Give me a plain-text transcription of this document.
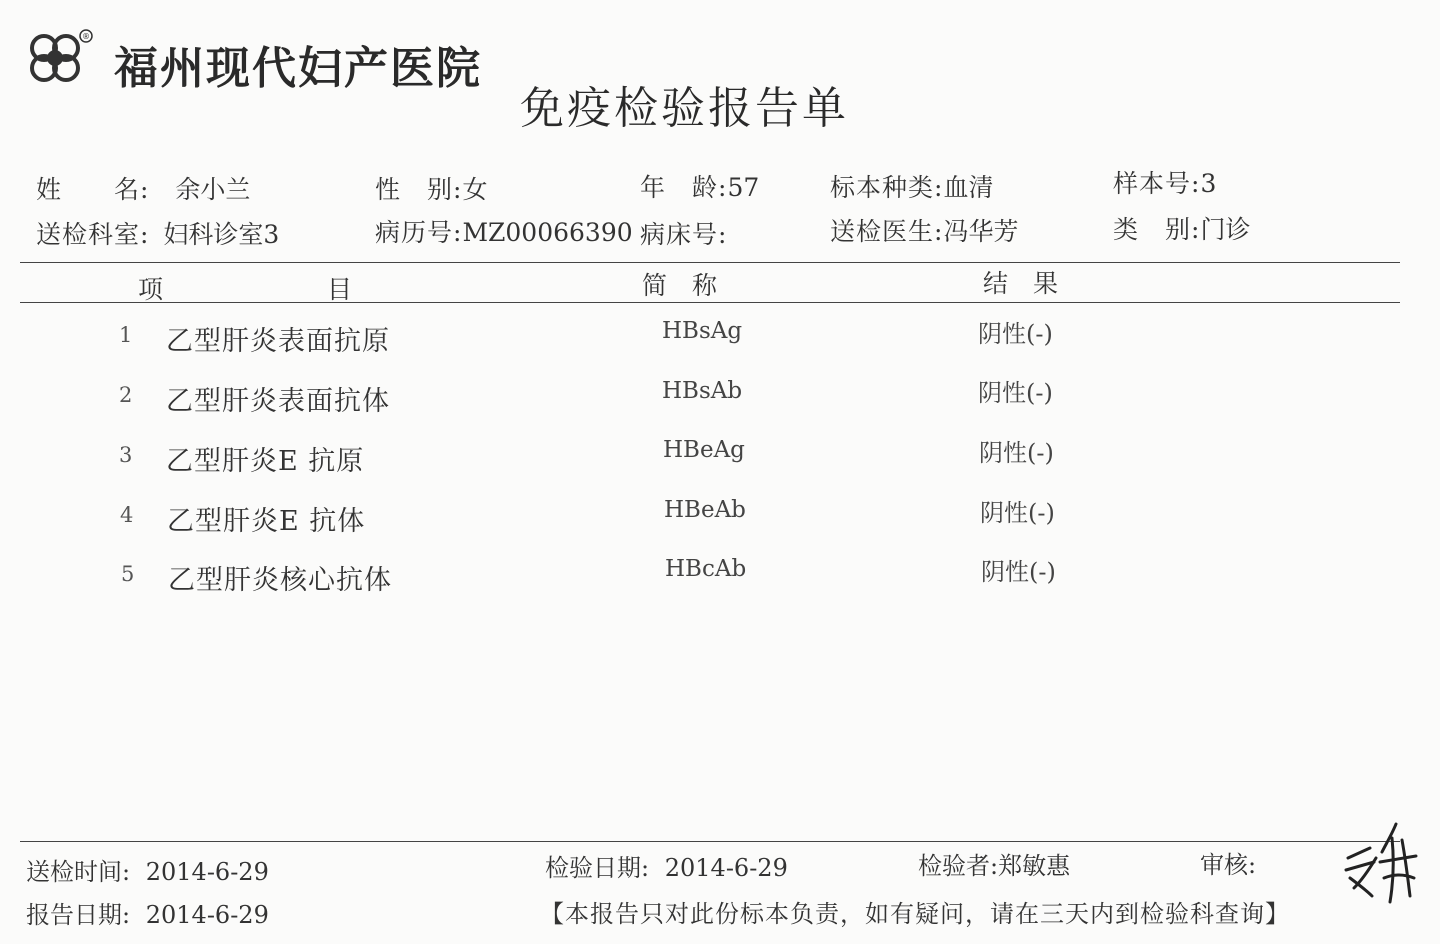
®
福州现代妇产医院
免疫检验报告单
姓　　名: 余小兰	性　别:女	年　龄:57	标本种类:血清	样本号:3
送检科室: 妇科诊室3	病历号:MZ00066390 病床号:	送检医生:冯华芳	类　别:门诊
项	目	简　称	结　果
1 乙型肝炎表面抗原	HBsAg	阴性(-)
2 乙型肝炎表面抗体	HBsAb	阴性(-)
3 乙型肝炎E 抗原	HBeAg	阴性(-)
4 乙型肝炎E 抗体	HBeAb	阴性(-)
5 乙型肝炎核心抗体	HBcAb	阴性(-)
送检时间: 2014-6-29	检验日期: 2014-6-29	检验者:郑敏惠	审核:
报告日期: 2014-6-29	【本报告只对此份标本负责，如有疑问，请在三天内到检验科查询】
